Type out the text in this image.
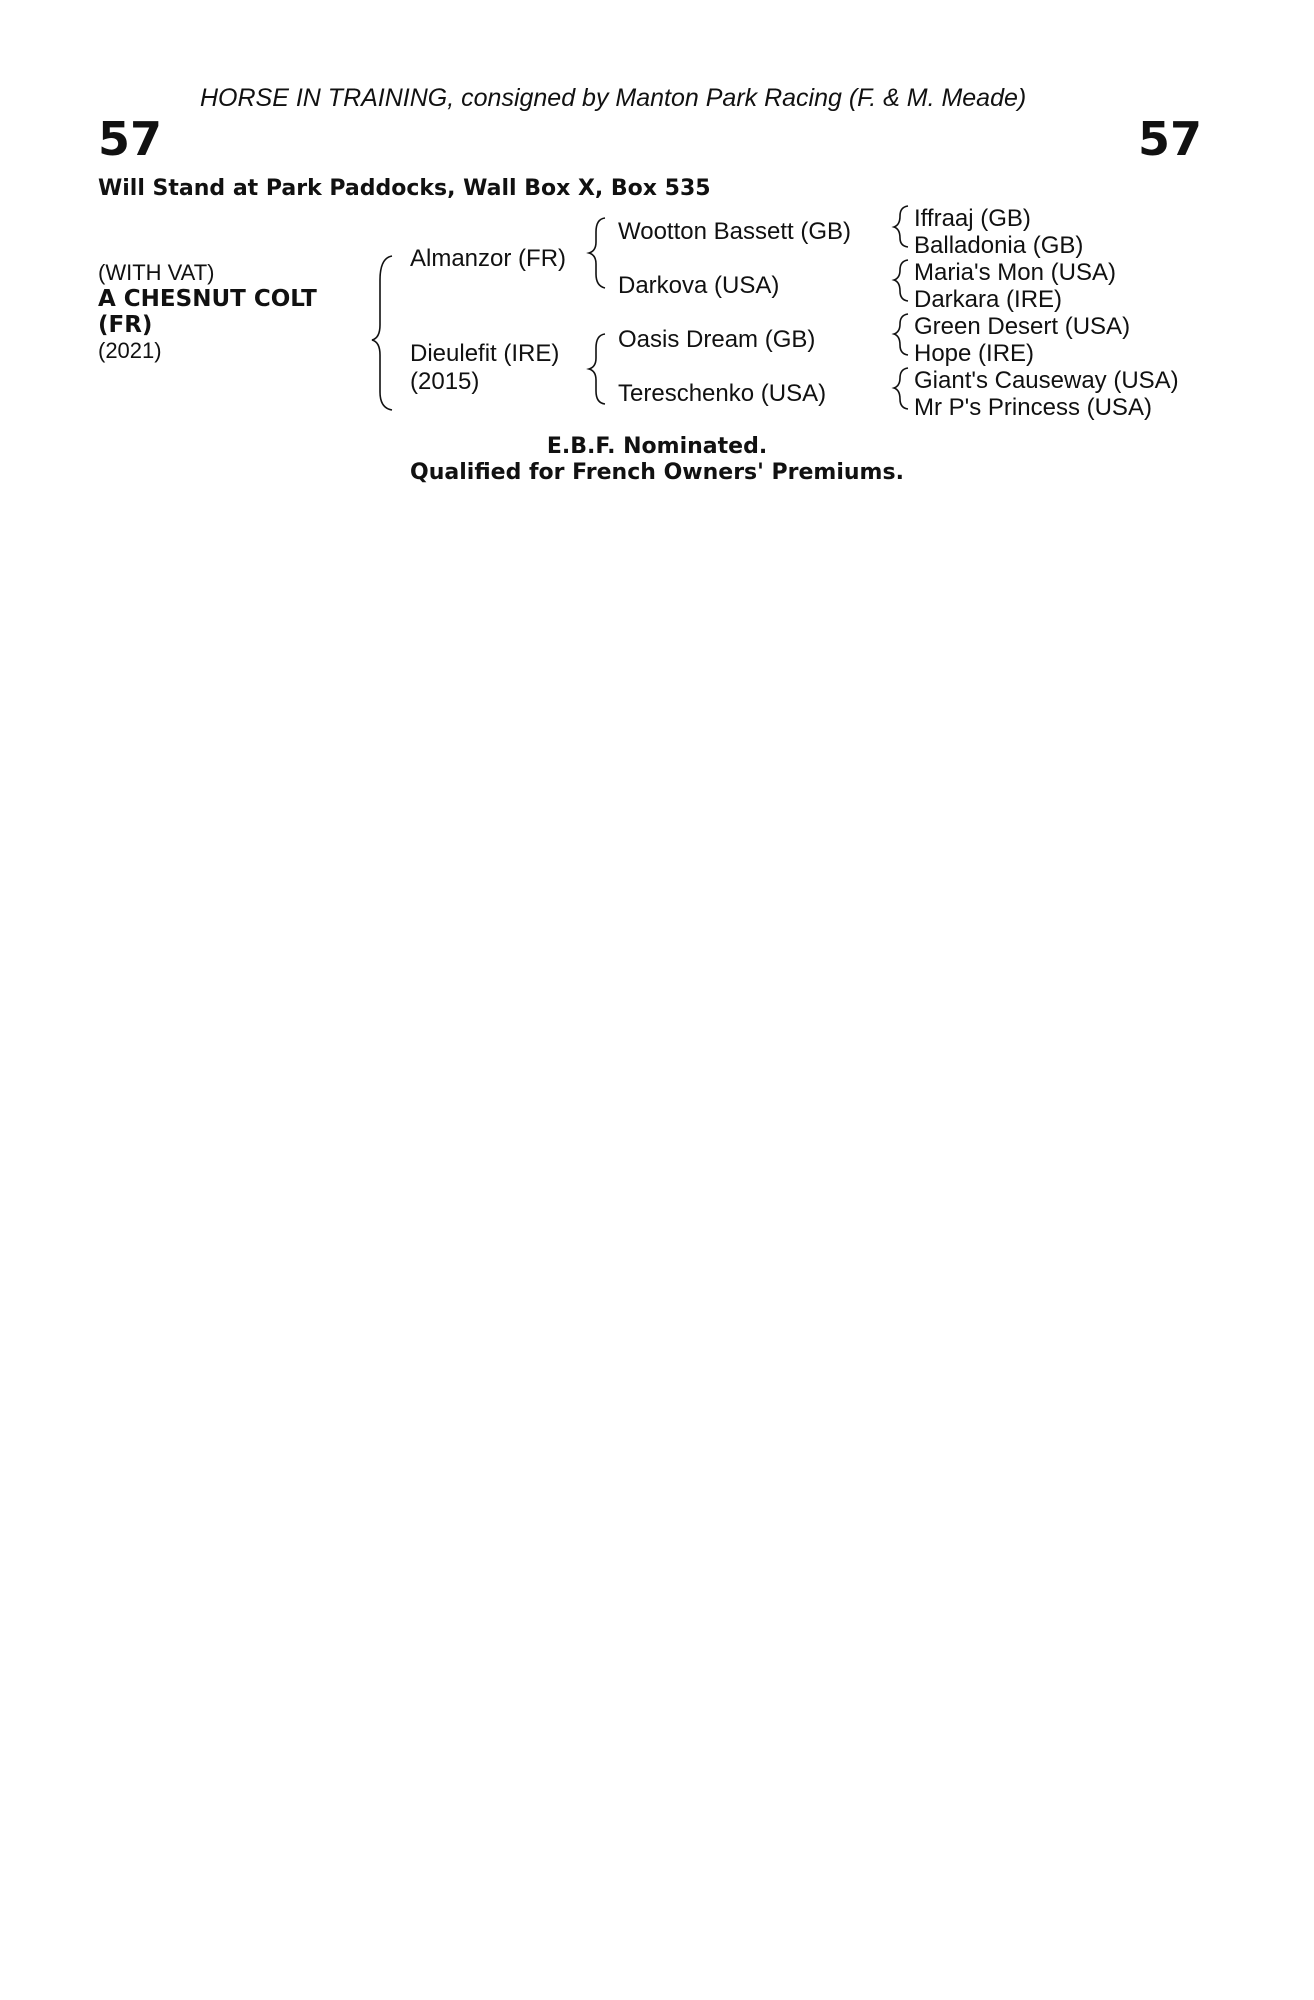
HORSE IN TRAINING, consigned by Manton Park Racing (F. & M. Meade)
57	57
Will Stand at Park Paddocks, Wall Box X, Box 535
(WITH VAT)
A CHESNUT COLT
(FR)
(2021)
Almanzor (FR)
Dieulefit (IRE)
(2015)
Wootton Bassett (GB)
Darkova (USA)
Oasis Dream (GB)
Tereschenko (USA)
Iffraaj (GB)
Balladonia (GB)
Maria's Mon (USA)
Darkara (IRE)
Green Desert (USA)
Hope (IRE)
Giant's Causeway (USA)
Mr P's Princess (USA)
E.B.F. Nominated.
Qualified for French Owners' Premiums.
